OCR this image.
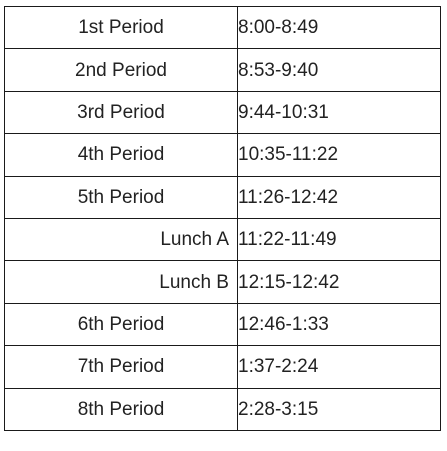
1st Period	8:00-8:49
2nd Period	8:53-9:40
3rd Period	9:44-10:31
4th Period	10:35-11:22
5th Period	11:26-12:42
Lunch A	11:22-11:49
Lunch B	12:15-12:42
6th Period	12:46-1:33
7th Period	1:37-2:24
8th Period	2:28-3:15
